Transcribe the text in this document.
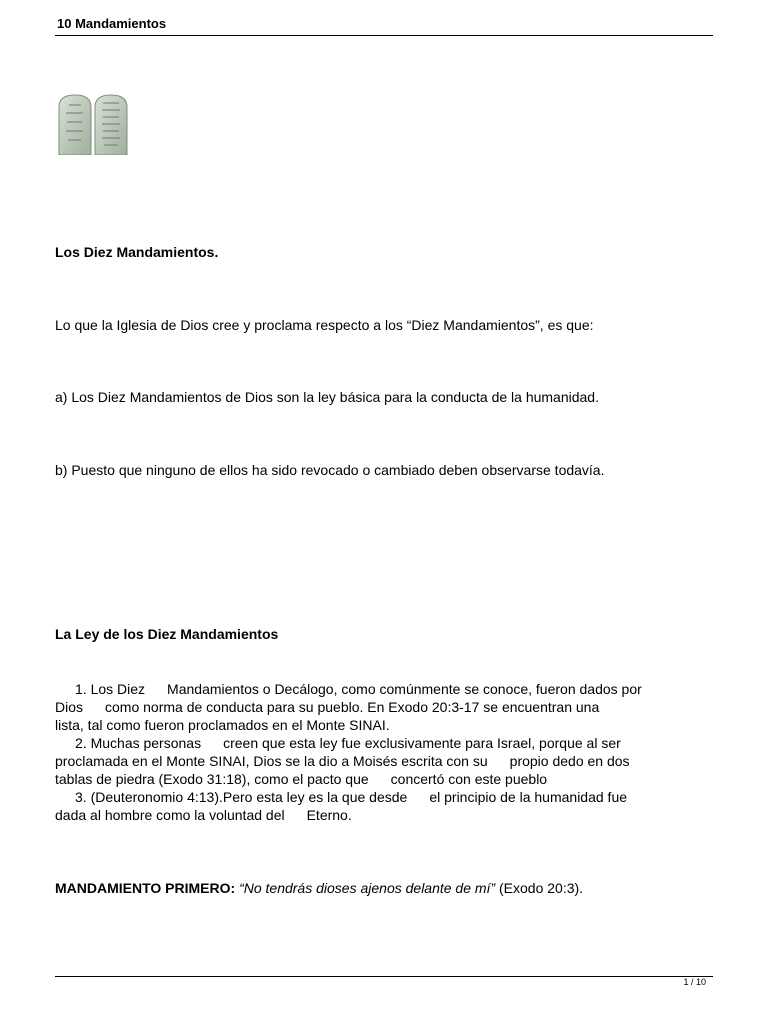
10 Mandamientos

Los Diez Mandamientos.

Lo que la Iglesia de Dios cree y proclama respecto a los “Diez Mandamientos”, es que:

a) Los Diez Mandamientos de Dios son la ley básica para la conducta de la humanidad.

b) Puesto que ninguno de ellos ha sido revocado o cambiado deben observarse todavía.

La Ley de los Diez Mandamientos

1. Los Diez Mandamientos o Decálogo, como comúnmente se conoce, fueron dados por
Dios como norma de conducta para su pueblo. En Exodo 20:3-17 se encuentran una
lista, tal como fueron proclamados en el Monte SINAI.
2. Muchas personas creen que esta ley fue exclusivamente para Israel, porque al ser
proclamada en el Monte SINAI, Dios se la dio a Moisés escrita con su propio dedo en dos
tablas de piedra (Exodo 31:18), como el pacto que concertó con este pueblo
3. (Deuteronomio 4:13).Pero esta ley es la que desde el principio de la humanidad fue
dada al hombre como la voluntad del Eterno.
MANDAMIENTO PRIMERO: “No tendrás dioses ajenos delante de mí” (Exodo 20:3).
1 / 10
